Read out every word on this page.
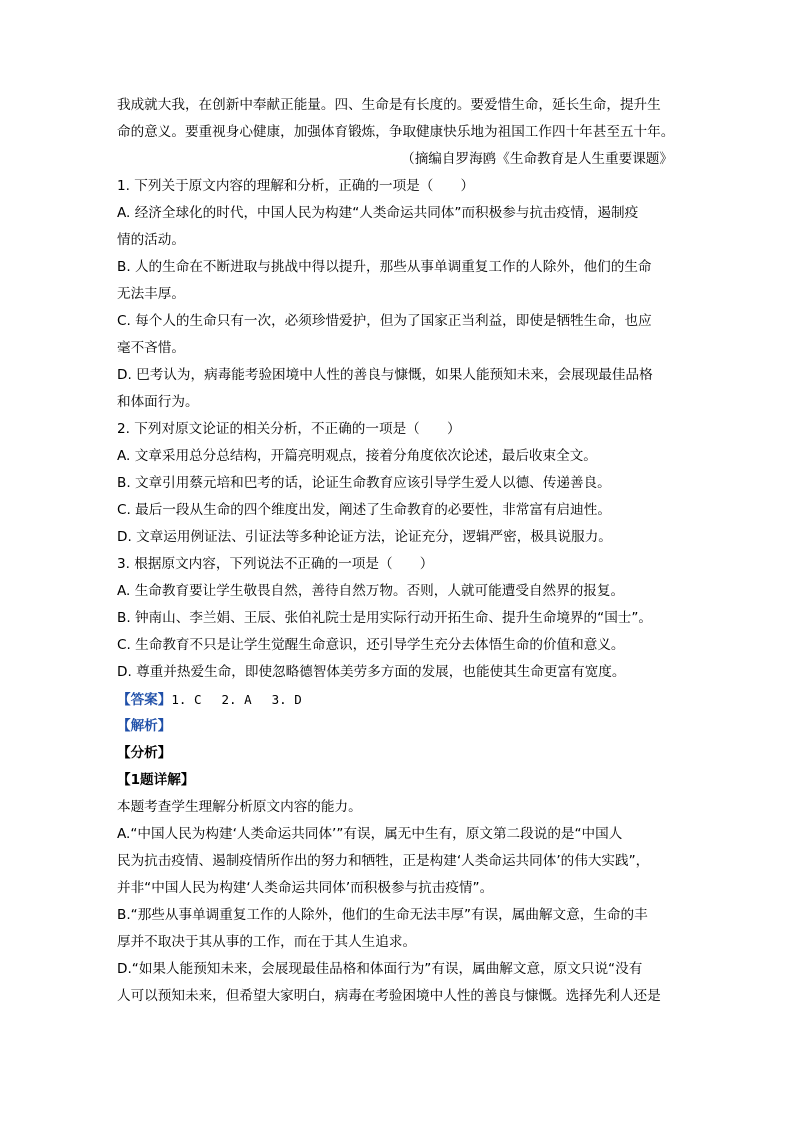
我成就大我，在创新中奉献正能量。四、生命是有长度的。要爱惜生命，延长生命，提升生
命的意义。要重视身心健康，加强体育锻炼，争取健康快乐地为祖国工作四十年甚至五十年。
（摘编自罗海鸥《生命教育是人生重要课题》
1. 下列关于原文内容的理解和分析，正确的一项是（　　）
A. 经济全球化的时代，中国人民为构建“人类命运共同体”而积极参与抗击疫情，遏制疫
情的活动。
B. 人的生命在不断进取与挑战中得以提升，那些从事单调重复工作的人除外，他们的生命
无法丰厚。
C. 每个人的生命只有一次，必须珍惜爱护，但为了国家正当利益，即使是牺牲生命，也应
毫不吝惜。
D. 巴考认为，病毒能考验困境中人性的善良与慷慨，如果人能预知未来，会展现最佳品格
和体面行为。
2. 下列对原文论证的相关分析，不正确的一项是（　　）
A. 文章采用总分总结构，开篇亮明观点，接着分角度依次论述，最后收束全文。
B. 文章引用蔡元培和巴考的话，论证生命教育应该引导学生爱人以德、传递善良。
C. 最后一段从生命的四个维度出发，阐述了生命教育的必要性，非常富有启迪性。
D. 文章运用例证法、引证法等多种论证方法，论证充分，逻辑严密，极具说服力。
3. 根据原文内容，下列说法不正确的一项是（　　）
A. 生命教育要让学生敬畏自然，善待自然万物。否则，人就可能遭受自然界的报复。
B. 钟南山、李兰娟、王辰、张伯礼院士是用实际行动开拓生命、提升生命境界的“国士”。
C. 生命教育不只是让学生觉醒生命意识，还引导学生充分去体悟生命的价值和意义。
D. 尊重并热爱生命，即使忽略德智体美劳多方面的发展，也能使其生命更富有宽度。
【答案】1. C　 2. A　 3. D
【解析】
【分析】
【1题详解】
本题考查学生理解分析原文内容的能力。
A.“中国人民为构建‘人类命运共同体’”有误，属无中生有，原文第二段说的是“中国人
民为抗击疫情、遏制疫情所作出的努力和牺牲，正是构建‘人类命运共同体’的伟大实践”，
并非“中国人民为构建‘人类命运共同体’而积极参与抗击疫情”。
B.“那些从事单调重复工作的人除外，他们的生命无法丰厚”有误，属曲解文意，生命的丰
厚并不取决于其从事的工作，而在于其人生追求。
D.“如果人能预知未来，会展现最佳品格和体面行为”有误，属曲解文意，原文只说“没有
人可以预知未来，但希望大家明白，病毒在考验困境中人性的善良与慷慨。选择先利人还是
